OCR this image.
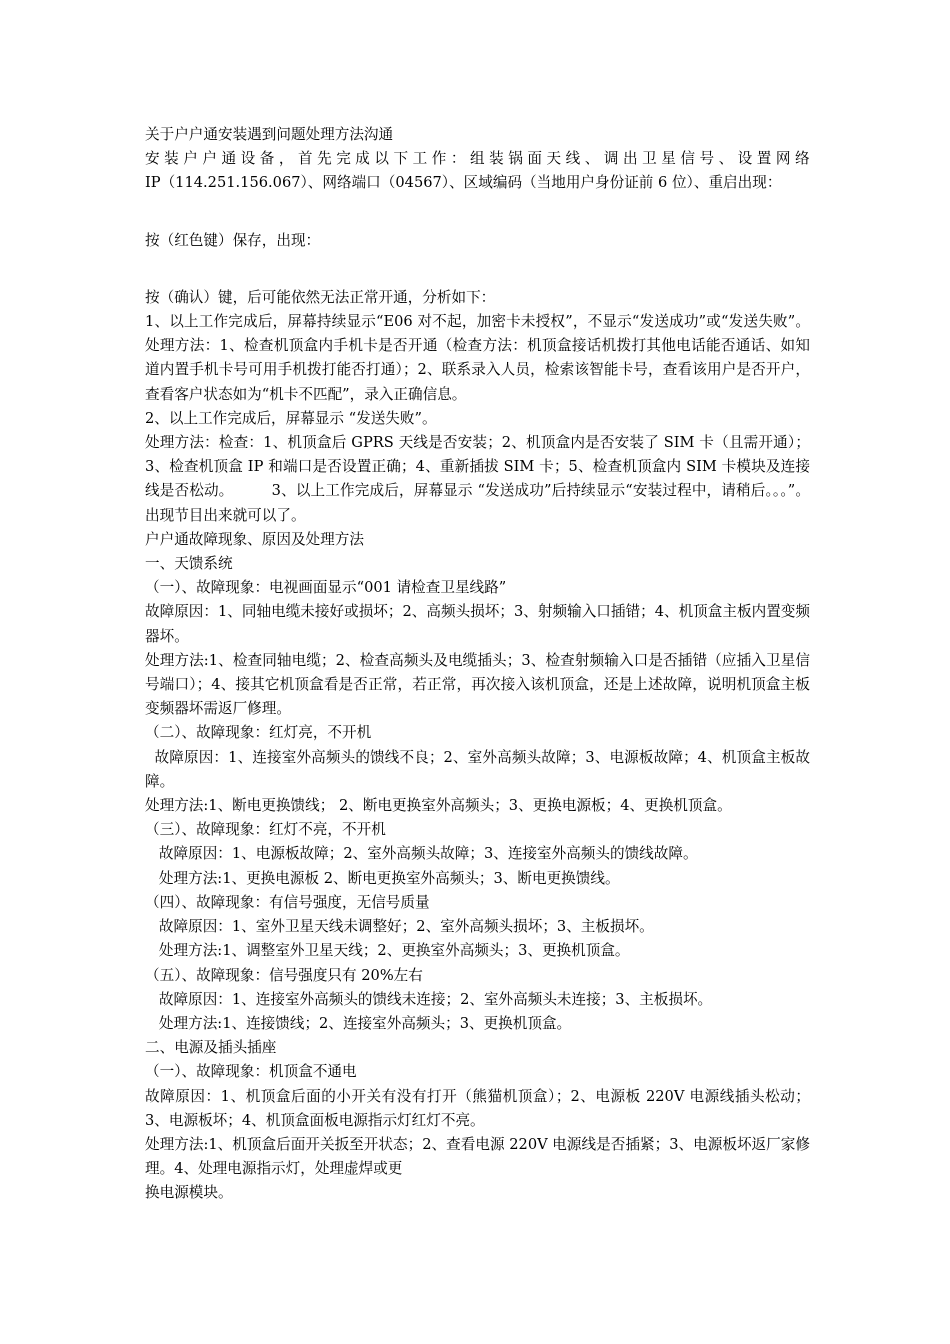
关于户户通安装遇到问题处理方法沟通

安装户户通设备，首先完成以下工作：组装锅面天线、调出卫星信号、设置网络

IP（114.251.156.067）、网络端口（04567）、区域编码（当地用户身份证前 6 位）、重启出现：

按（红色键）保存，出现：

按（确认）键，后可能依然无法正常开通，分析如下：

1、以上工作完成后，屏幕持续显示“E06 对不起，加密卡未授权”，不显示“发送成功”或“发送失败”。          处理方法：1、检查机顶盒内手机卡是否开通（检查方法：机顶盒接话机拨打其他电话能否通话、如知道内置手机卡号可用手机拨打能否打通）；2、联系录入人员，检索该智能卡号，查看该用户是否开户，查看客户状态如为“机卡不匹配”，录入正确信息。

2、以上工作完成后，屏幕显示 “发送失败”。

处理方法：检查：1、机顶盒后 GPRS 天线是否安装；2、机顶盒内是否安装了 SIM 卡（且需开通）；3、检查机顶盒 IP 和端口是否设置正确；4、重新插拔 SIM 卡；5、检查机顶盒内 SIM 卡模块及连接线是否松动。        3、以上工作完成后，屏幕显示 “发送成功”后持续显示“安装过程中，请稍后。。。”。      出现节目出来就可以了。

户户通故障现象、原因及处理方法

一、天馈系统

（一）、故障现象：电视画面显示“001 请检查卫星线路”

故障原因：1、同轴电缆未接好或损坏；2、高频头损坏；3、射频输入口插错；4、机顶盒主板内置变频器坏。

处理方法:1、检查同轴电缆；2、检查高频头及电缆插头；3、检查射频输入口是否插错（应插入卫星信号端口）；4、接其它机顶盒看是否正常，若正常，再次接入该机顶盒，还是上述故障，说明机顶盒主板变频器坏需返厂修理。

（二）、故障现象：红灯亮，不开机

故障原因：1、连接室外高频头的馈线不良；2、室外高频头故障；3、电源板故障；4、机顶盒主板故障。

处理方法:1、断电更换馈线； 2、断电更换室外高频头；3、更换电源板；4、更换机顶盒。

（三）、故障现象：红灯不亮，不开机

故障原因：1、电源板故障；2、室外高频头故障；3、连接室外高频头的馈线故障。

处理方法:1、更换电源板 2、断电更换室外高频头；3、断电更换馈线。

（四）、故障现象：有信号强度，无信号质量

故障原因：1、室外卫星天线未调整好；2、室外高频头损坏；3、主板损坏。

处理方法:1、调整室外卫星天线；2、更换室外高频头；3、更换机顶盒。

（五）、故障现象：信号强度只有 20%左右

故障原因：1、连接室外高频头的馈线未连接；2、室外高频头未连接；3、主板损坏。

处理方法:1、连接馈线；2、连接室外高频头；3、更换机顶盒。

二、电源及插头插座

（一）、故障现象：机顶盒不通电

故障原因：1、机顶盒后面的小开关有没有打开（熊猫机顶盒）；2、电源板 220V 电源线插头松动；3、电源板坏；4、机顶盒面板电源指示灯红灯不亮。

处理方法:1、机顶盒后面开关扳至开状态；2、查看电源 220V 电源线是否插紧；3、电源板坏返厂家修理。4、处理电源指示灯，处理虚焊或更

换电源模块。
